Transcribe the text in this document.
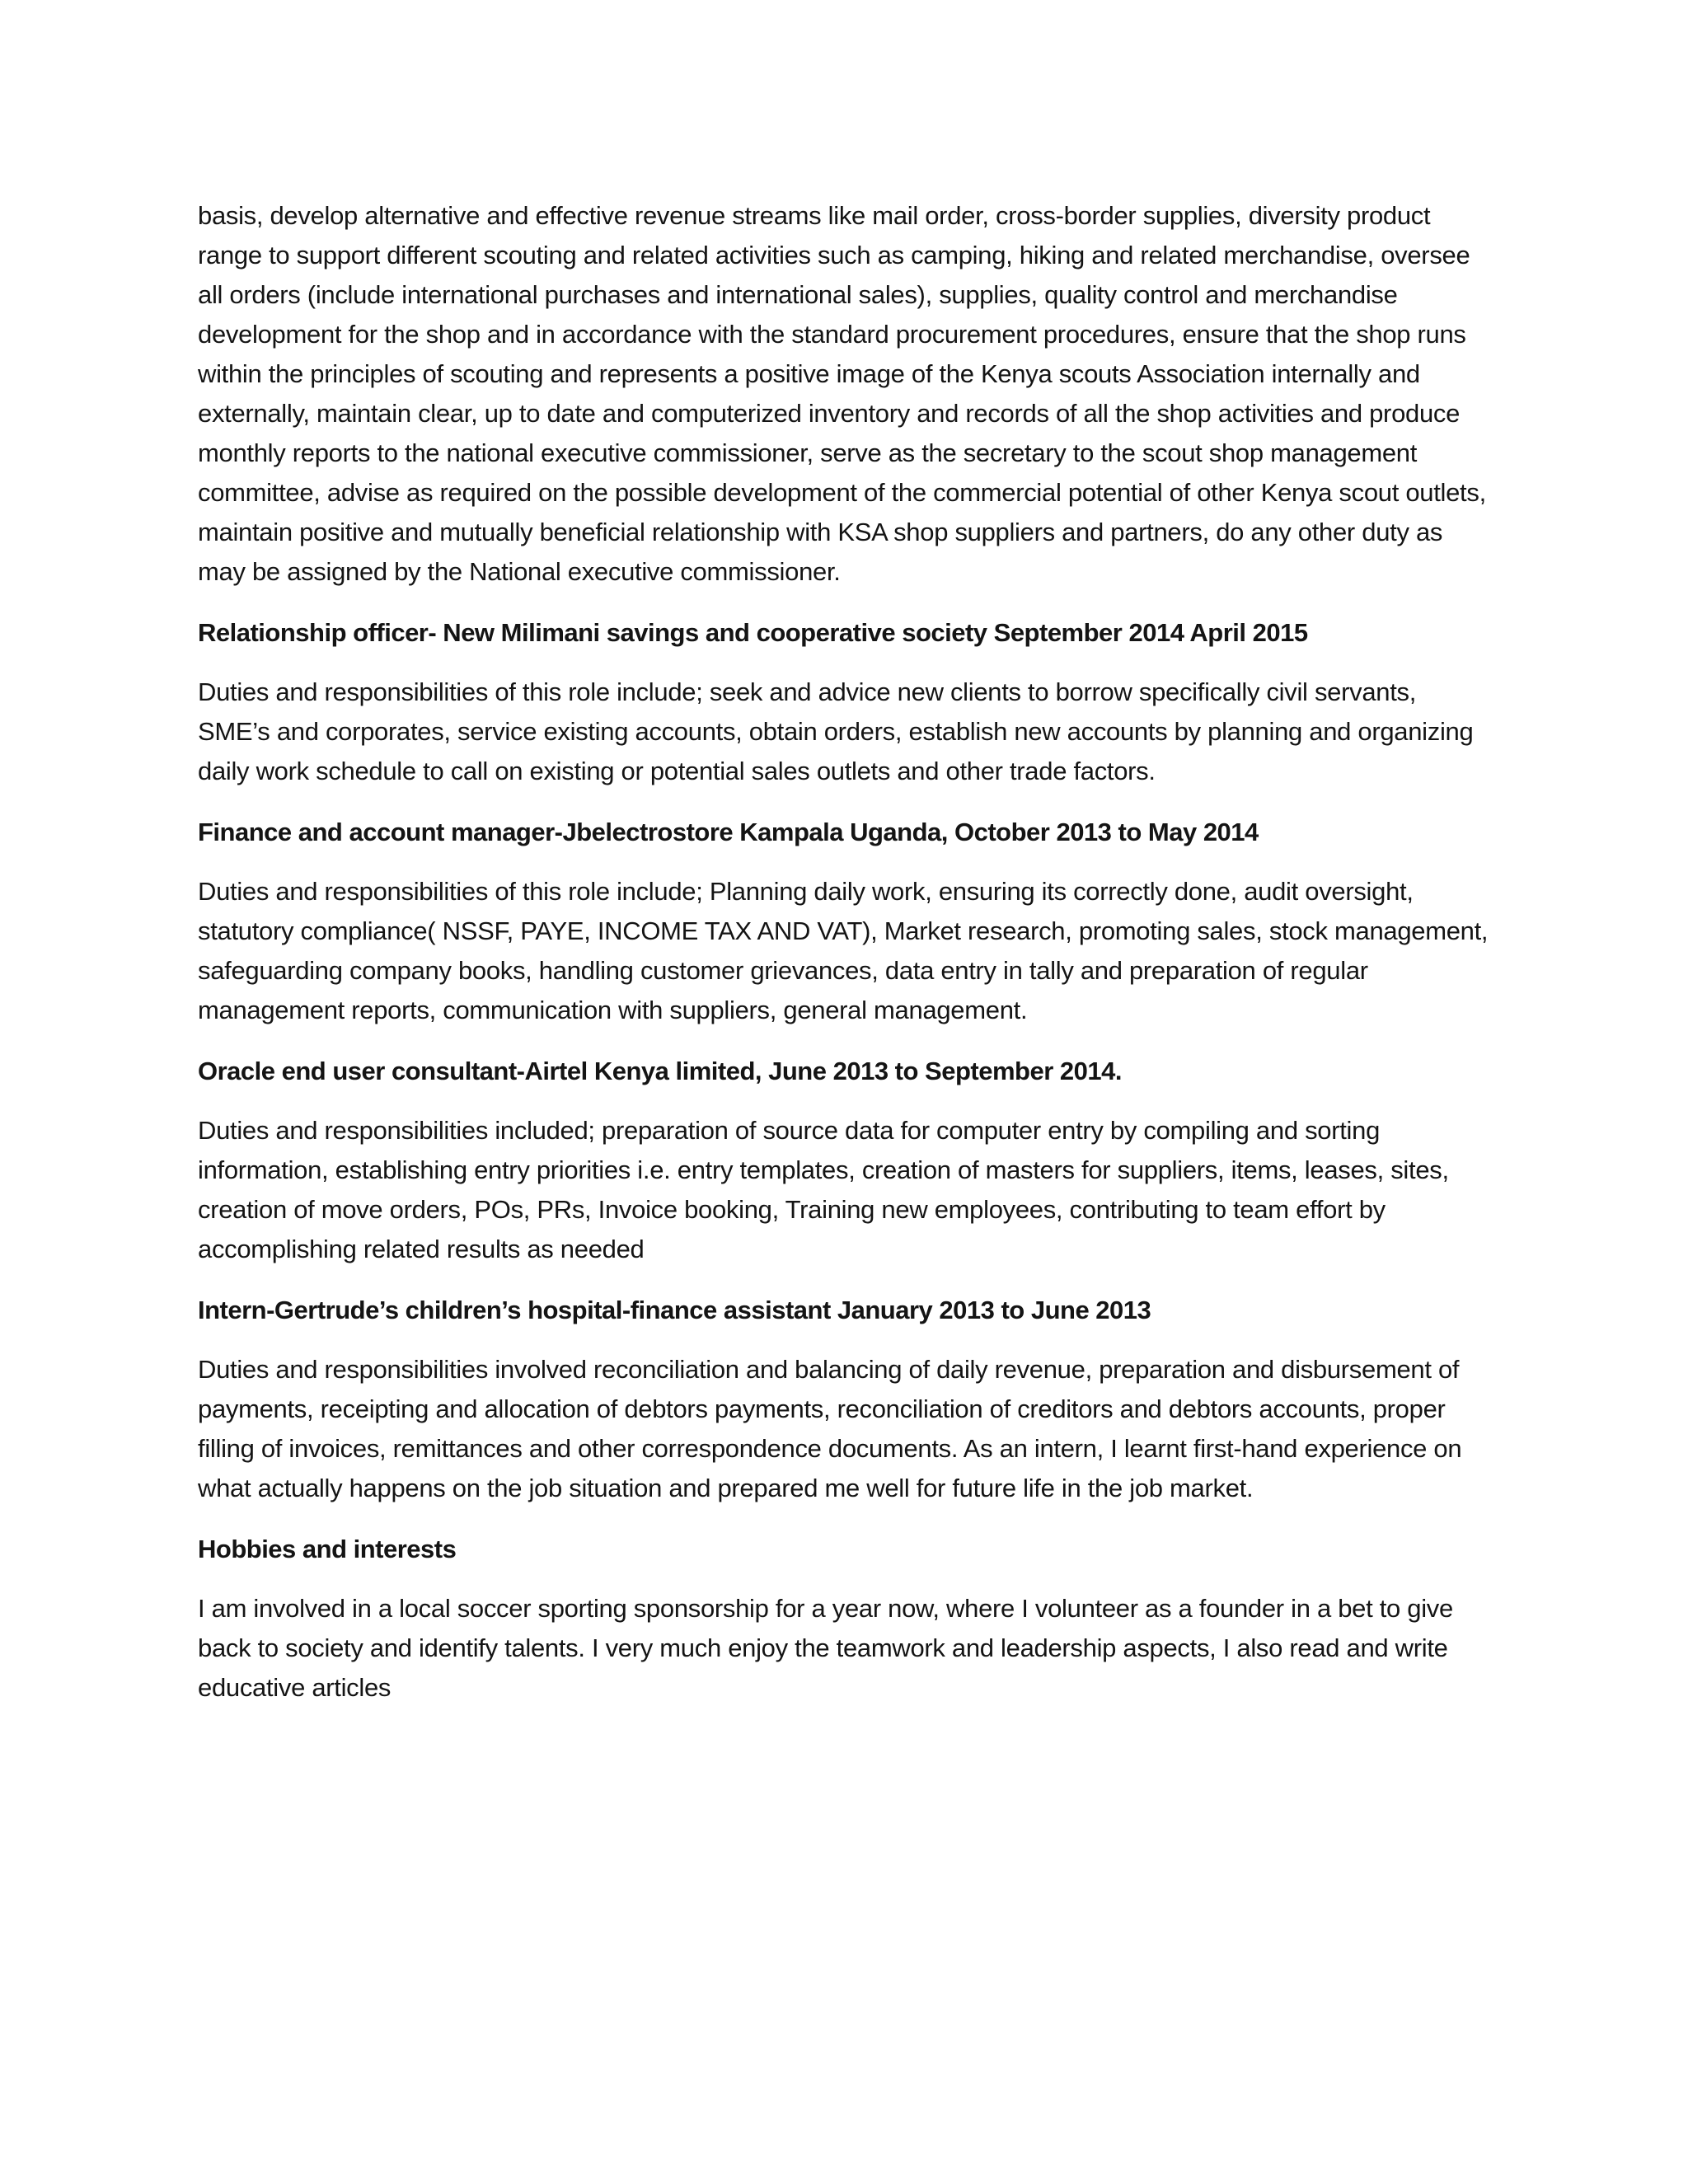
basis, develop alternative and effective revenue streams like mail order, cross-border supplies, diversity product range to support different scouting and related activities such as camping, hiking and related merchandise, oversee all orders (include international purchases and international sales), supplies, quality control and merchandise development for the shop and in accordance with the standard procurement procedures, ensure that the shop runs within the principles of scouting and represents a positive image of the Kenya scouts Association internally and externally, maintain clear, up to date and computerized inventory and records of all the shop activities and produce monthly reports to the national executive commissioner, serve as the secretary to the scout shop management committee, advise as required on the possible development of the commercial potential of other Kenya scout outlets, maintain positive and mutually beneficial relationship with KSA shop suppliers and partners, do any other duty as may be assigned by the National executive commissioner.

Relationship officer- New Milimani savings and cooperative society September 2014 April 2015

Duties and responsibilities of this role include; seek and advice new clients to borrow specifically civil servants, SME’s and corporates, service existing accounts, obtain orders, establish new accounts by planning and organizing daily work schedule to call on existing or potential sales outlets and other trade factors.

Finance and account manager-Jbelectrostore Kampala Uganda, October 2013 to May 2014

Duties and responsibilities of this role include; Planning daily work, ensuring its correctly done, audit oversight, statutory compliance( NSSF, PAYE, INCOME TAX AND VAT), Market research, promoting sales, stock management, safeguarding company books, handling customer grievances, data entry in tally and preparation of regular management reports, communication with suppliers, general management.

Oracle end user consultant-Airtel Kenya limited, June 2013 to September 2014.

Duties and responsibilities included; preparation of source data for computer entry by compiling and sorting information, establishing entry priorities i.e. entry templates, creation of masters for suppliers, items, leases, sites, creation of move orders, POs, PRs, Invoice booking, Training new employees, contributing to team effort by accomplishing related results as needed

Intern-Gertrude’s children’s hospital-finance assistant January 2013 to June 2013

Duties and responsibilities involved reconciliation and balancing of daily revenue, preparation and disbursement of payments, receipting and allocation of debtors payments, reconciliation of creditors and debtors accounts, proper filling of invoices, remittances and other correspondence documents. As an intern, I learnt first-hand experience on what actually happens on the job situation and prepared me well for future life in the job market.

Hobbies and interests

I am involved in a local soccer sporting sponsorship for a year now, where I volunteer as a founder in a bet to give back to society and identify talents. I very much enjoy the teamwork and leadership aspects, I also read and write educative articles
